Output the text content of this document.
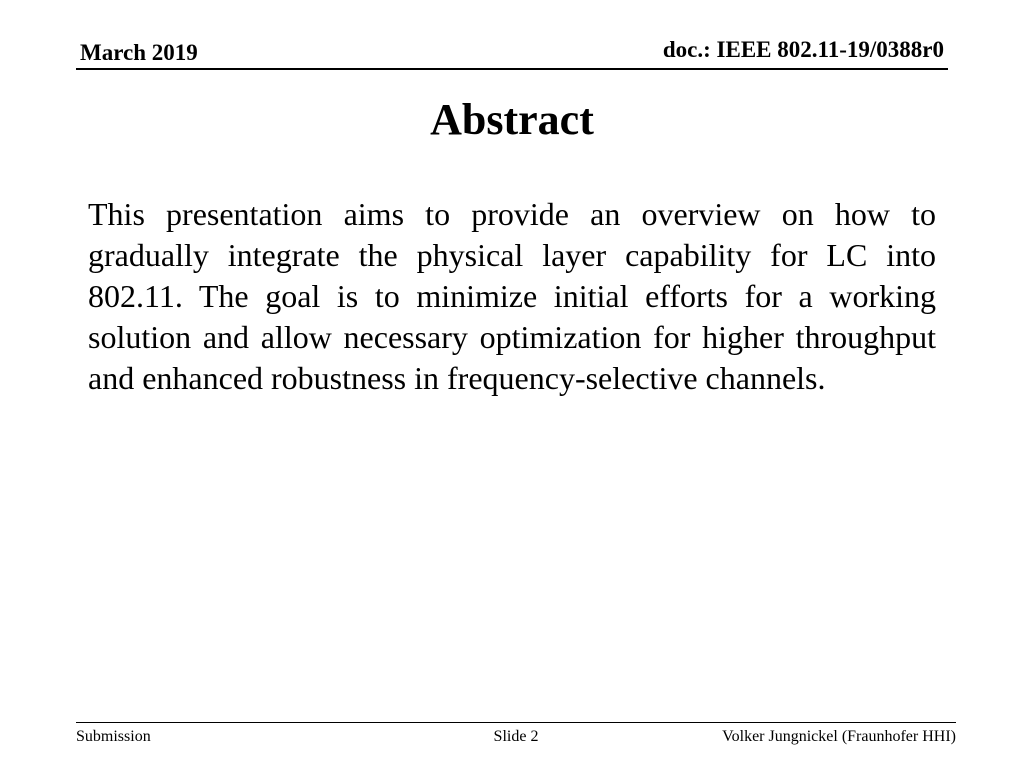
March 2019	doc.: IEEE 802.11-19/0388r0
Abstract
This presentation aims to provide an overview on how to gradually integrate the physical layer capability for LC into 802.11. The goal is to minimize initial efforts for a working solution and allow necessary optimization for higher throughput and enhanced robustness in frequency-selective channels.
Submission	Slide 2	Volker Jungnickel (Fraunhofer HHI)
